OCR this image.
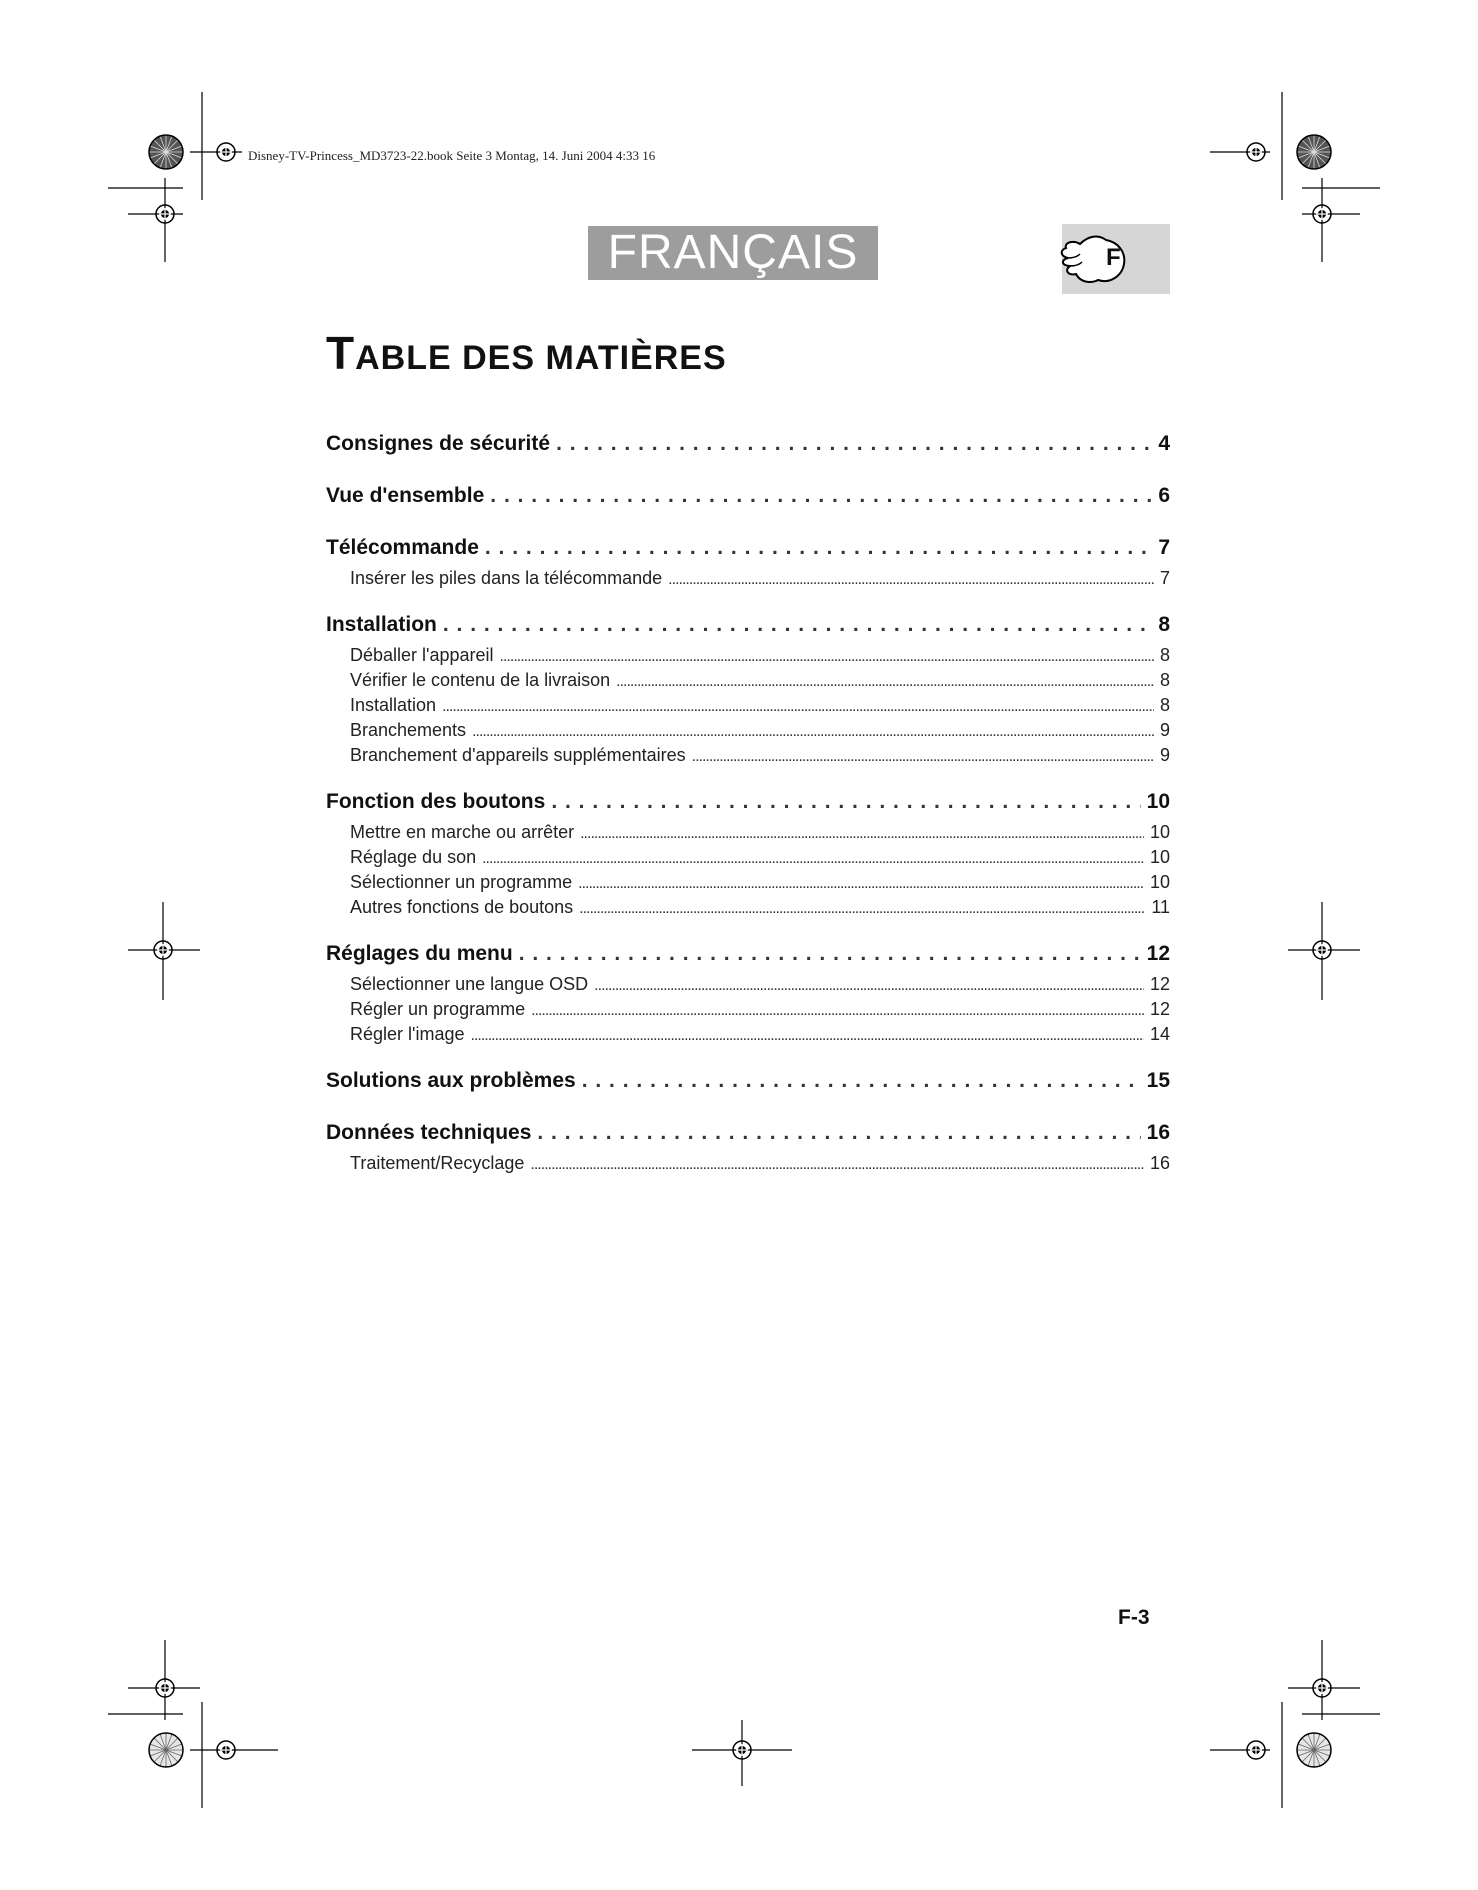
Disney-TV-Princess_MD3723-22.book Seite 3 Montag, 14. Juni 2004 4:33 16
FRANÇAIS	F
TABLE DES MATIÈRES
Consignes de sécurité . . .	4
Vue d'ensemble . . .	6
Télécommande . . .	7
Insérer les piles dans la télécommande .....	7
Installation . . .	8
Déballer l'appareil .....	8
Vérifier le contenu de la livraison .....	8
Installation .....	8
Branchements .....	9
Branchement d'appareils supplémentaires .....	9
Fonction des boutons . . .	10
Mettre en marche ou arrêter .....	10
Réglage du son .....	10
Sélectionner un programme .....	10
Autres fonctions de boutons .....	11
Réglages du menu . . .	12
Sélectionner une langue OSD .....	12
Régler un programme .....	12
Régler l'image .....	14
Solutions aux problèmes . . .	15
Données techniques . . .	16
Traitement/Recyclage .....	16
F-3
